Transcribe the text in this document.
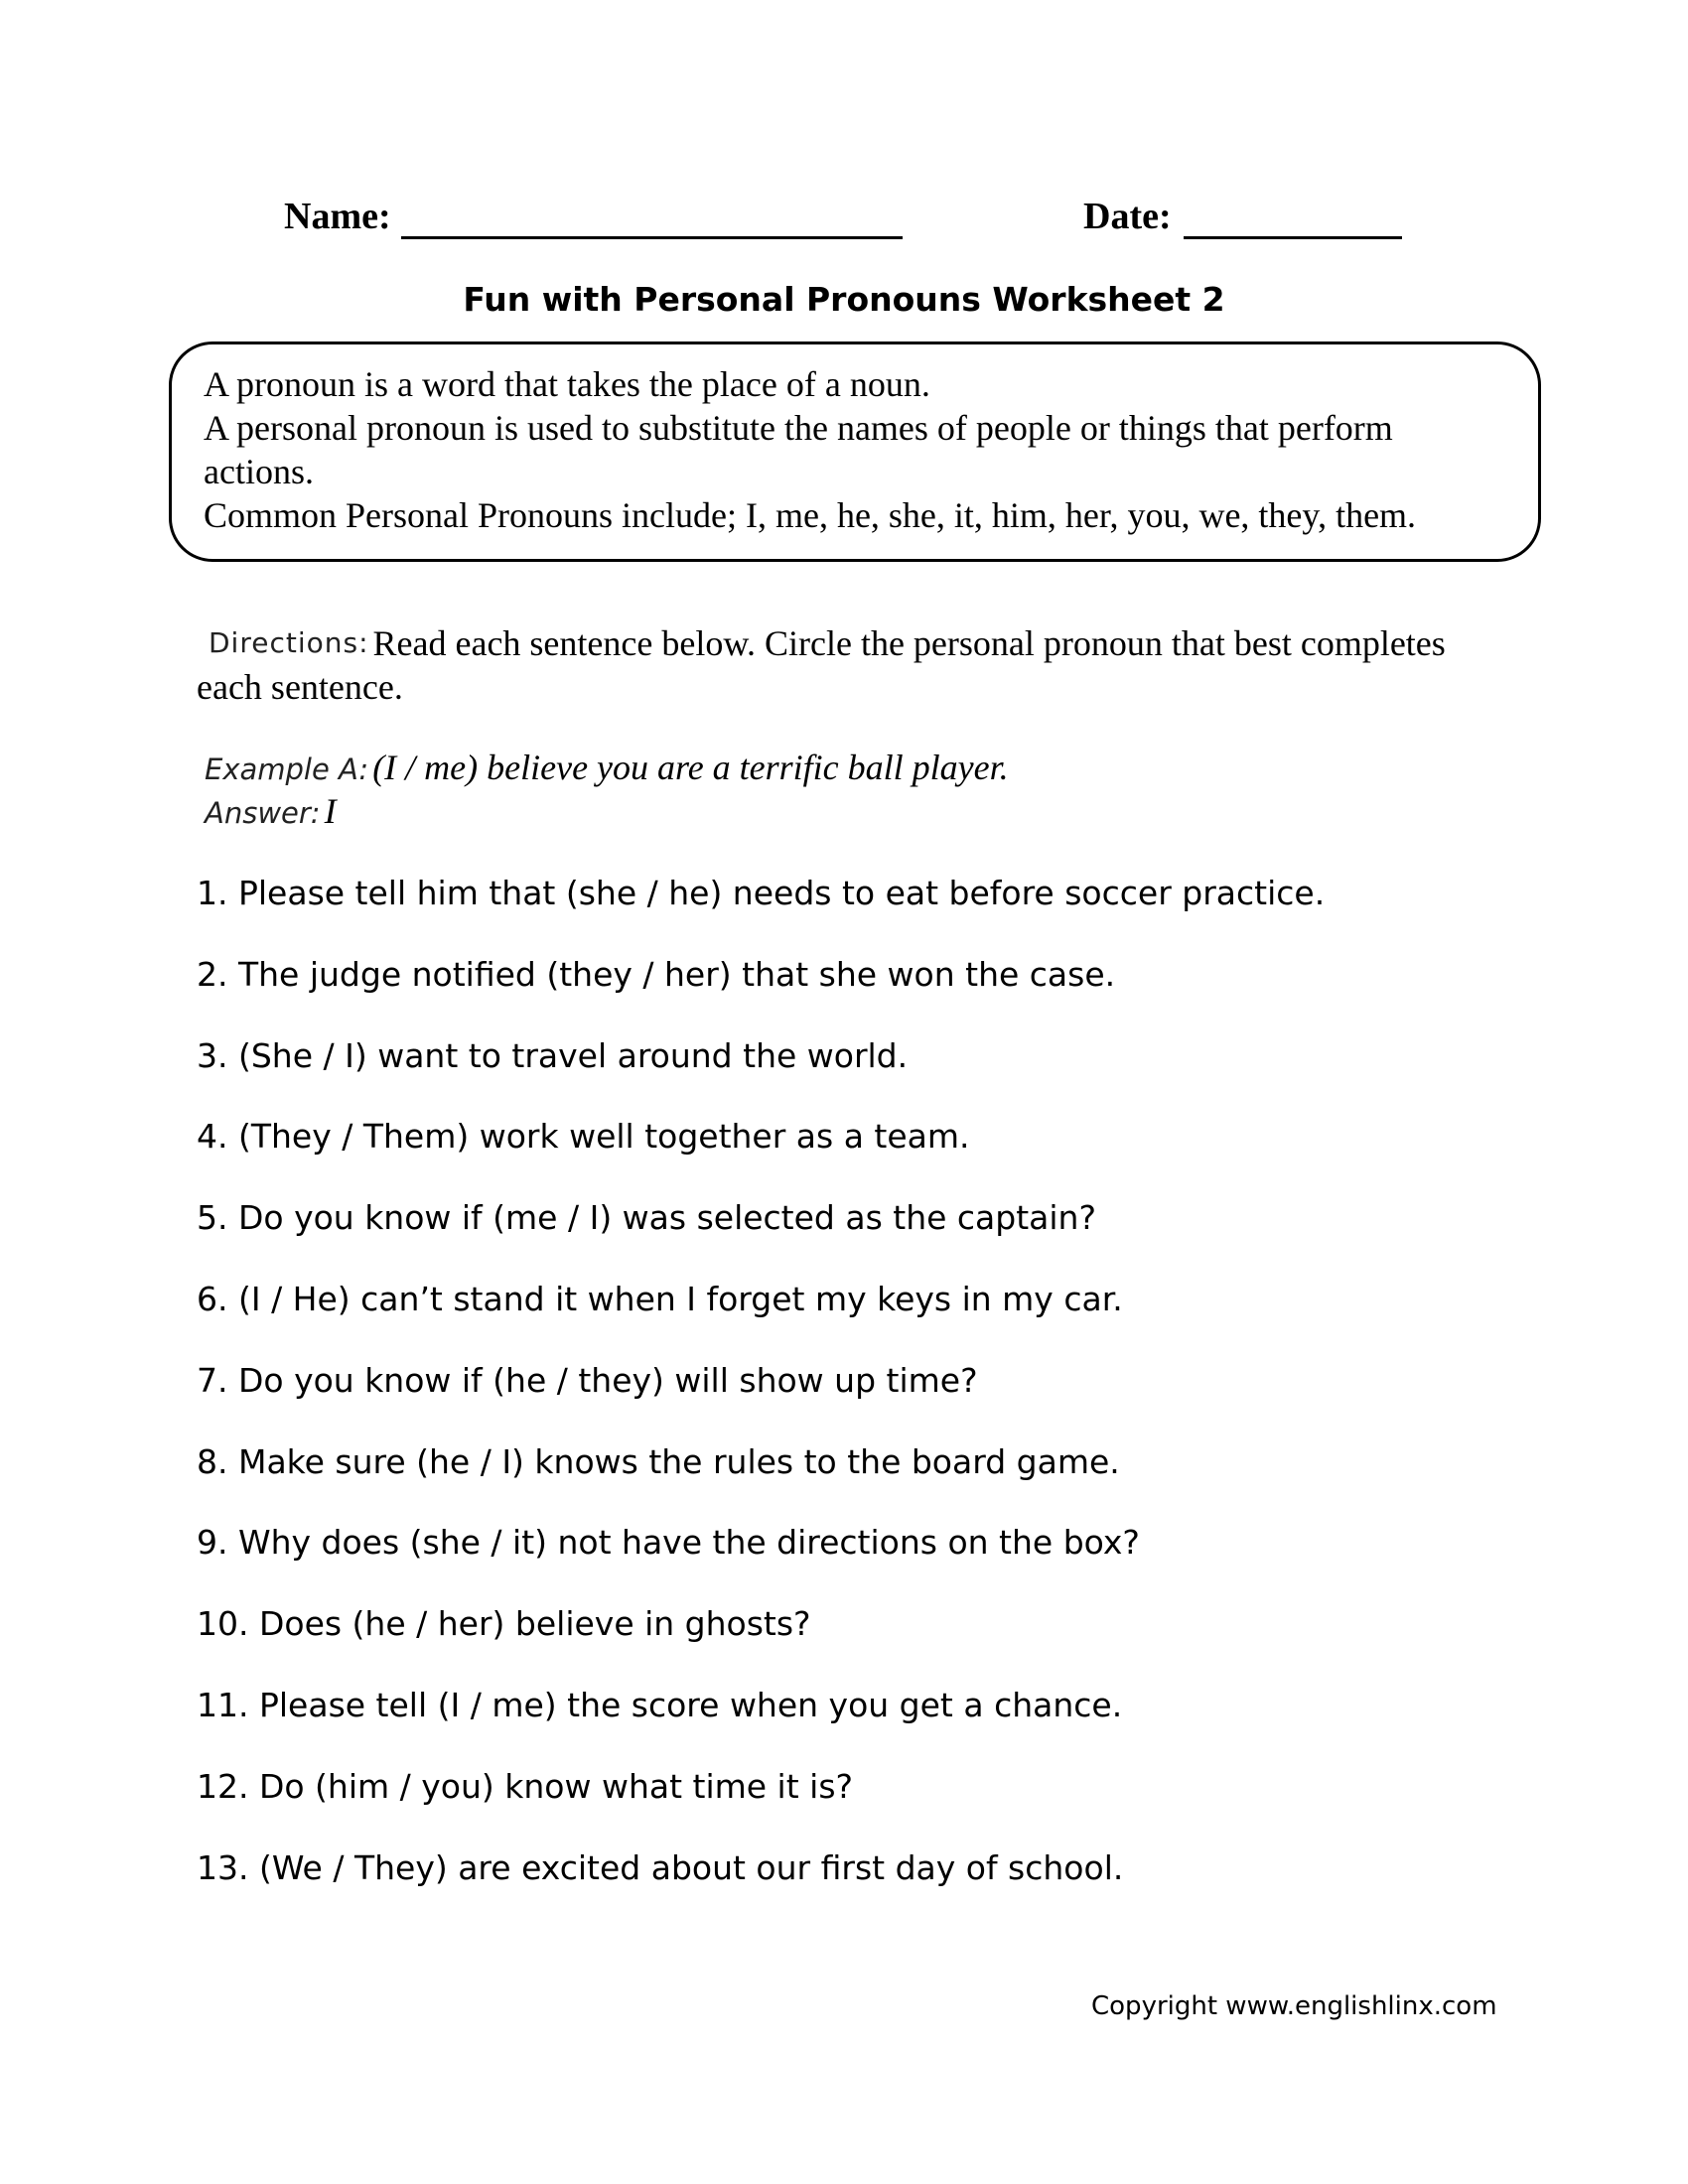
Name:	Date:
Fun with Personal Pronouns Worksheet 2
A pronoun is a word that takes the place of a noun.
A personal pronoun is used to substitute the names of people or things that perform
actions.
Common Personal Pronouns include; I, me, he, she, it, him, her, you, we, they, them.
Directions: Read each sentence below. Circle the personal pronoun that best completes each sentence.
Example A: (I / me) believe you are a terrific ball player.
Answer: I
1. Please tell him that (she / he) needs to eat before soccer practice.
2. The judge notified (they / her) that she won the case.
3. (She / I) want to travel around the world.
4. (They / Them) work well together as a team.
5. Do you know if (me / I) was selected as the captain?
6. (I / He) can’t stand it when I forget my keys in my car.
7. Do you know if (he / they) will show up time?
8. Make sure (he / I) knows the rules to the board game.
9. Why does (she / it) not have the directions on the box?
10. Does (he / her) believe in ghosts?
11. Please tell (I / me) the score when you get a chance.
12. Do (him / you) know what time it is?
13. (We / They) are excited about our first day of school.
Copyright www.englishlinx.com
